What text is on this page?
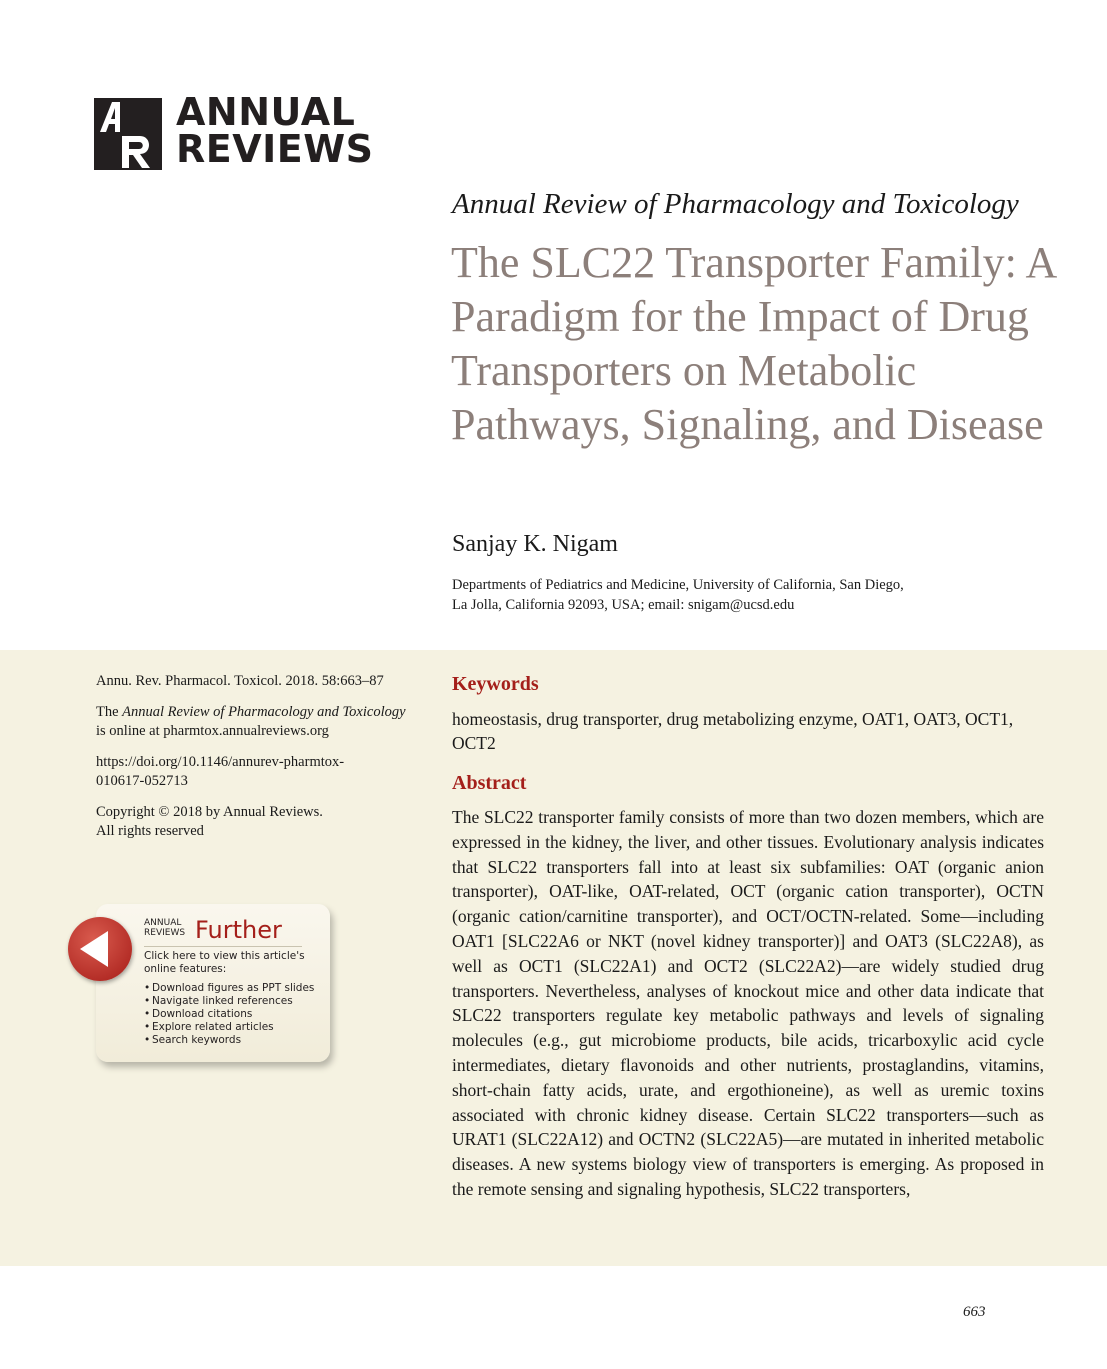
ANNUAL
REVIEWS
Annual Review of Pharmacology and Toxicology
The SLC22 Transporter Family: A Paradigm for the Impact of Drug Transporters on Metabolic Pathways, Signaling, and Disease
Sanjay K. Nigam
Departments of Pediatrics and Medicine, University of California, San Diego,
La Jolla, California 92093, USA; email: snigam@ucsd.edu
Annu. Rev. Pharmacol. Toxicol. 2018. 58:663–87
The Annual Review of Pharmacology and Toxicology
is online at pharmtox.annualreviews.org
https://doi.org/10.1146/annurev-pharmtox-
010617-052713
Copyright © 2018 by Annual Reviews.
All rights reserved
ANNUAL
REVIEWS Further
Click here to view this article's online features:
• Download figures as PPT slides
• Navigate linked references
• Download citations
• Explore related articles
• Search keywords
Keywords
homeostasis, drug transporter, drug metabolizing enzyme, OAT1, OAT3, OCT1, OCT2
Abstract
The SLC22 transporter family consists of more than two dozen members, which are expressed in the kidney, the liver, and other tissues. Evolutionary analysis indicates that SLC22 transporters fall into at least six subfamilies: OAT (organic anion transporter), OAT-like, OAT-related, OCT (organic cation transporter), OCTN (organic cation/carnitine transporter), and OCT/OCTN-related. Some—including OAT1 [SLC22A6 or NKT (novel kidney transporter)] and OAT3 (SLC22A8), as well as OCT1 (SLC22A1) and OCT2 (SLC22A2)—are widely studied drug transporters. Nevertheless, analyses of knockout mice and other data indicate that SLC22 transporters regulate key metabolic pathways and levels of signaling molecules (e.g., gut microbiome products, bile acids, tricarboxylic acid cycle intermediates, dietary flavonoids and other nutrients, prostaglandins, vitamins, short-chain fatty acids, urate, and ergothioneine), as well as uremic toxins associated with chronic kidney disease. Certain SLC22 transporters—such as URAT1 (SLC22A12) and OCTN2 (SLC22A5)—are mutated in inherited metabolic diseases. A new systems biology view of transporters is emerging. As proposed in the remote sensing and signaling hypothesis, SLC22 transporters,
663
